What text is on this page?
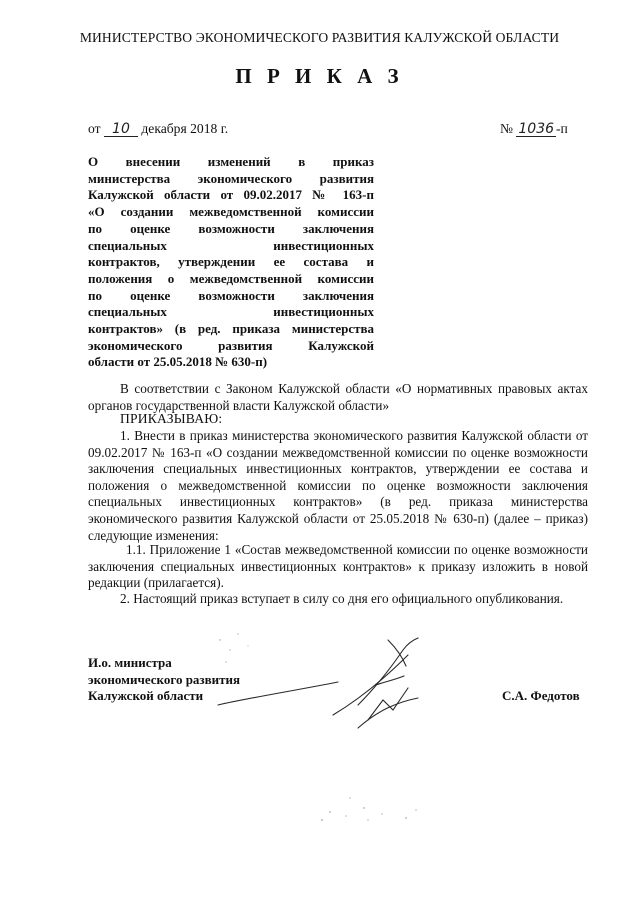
МИНИСТЕРСТВО ЭКОНОМИЧЕСКОГО РАЗВИТИЯ КАЛУЖСКОЙ ОБЛАСТИ
П Р И К А З
от 10 декабря 2018 г.	№ 1036 -п
О внесении изменений в приказ
министерства экономического развития
Калужской области от 09.02.2017 № 163-п
«О создании межведомственной комиссии
по оценке возможности заключения
специальных инвестиционных
контрактов, утверждении ее состава и
положения о межведомственной комиссии
по оценке возможности заключения
специальных инвестиционных
контрактов» (в ред. приказа министерства
экономического развития Калужской
области от 25.05.2018 № 630-п)
В соответствии с Законом Калужской области «О нормативных правовых актах органов государственной власти Калужской области»
ПРИКАЗЫВАЮ:
1. Внести в приказ министерства экономического развития Калужской области от 09.02.2017 № 163-п «О создании межведомственной комиссии по оценке возможности заключения специальных инвестиционных контрактов, утверждении ее состава и положения о межведомственной комиссии по оценке возможности заключения специальных инвестиционных контрактов» (в ред. приказа министерства экономического развития Калужской области от 25.05.2018 № 630-п) (далее – приказ) следующие изменения:
1.1. Приложение 1 «Состав межведомственной комиссии по оценке возможности заключения специальных инвестиционных контрактов» к приказу изложить в новой редакции (прилагается).
2. Настоящий приказ вступает в силу со дня его официального опубликования.
И.о. министра
экономического развития
Калужской области	С.А. Федотов
